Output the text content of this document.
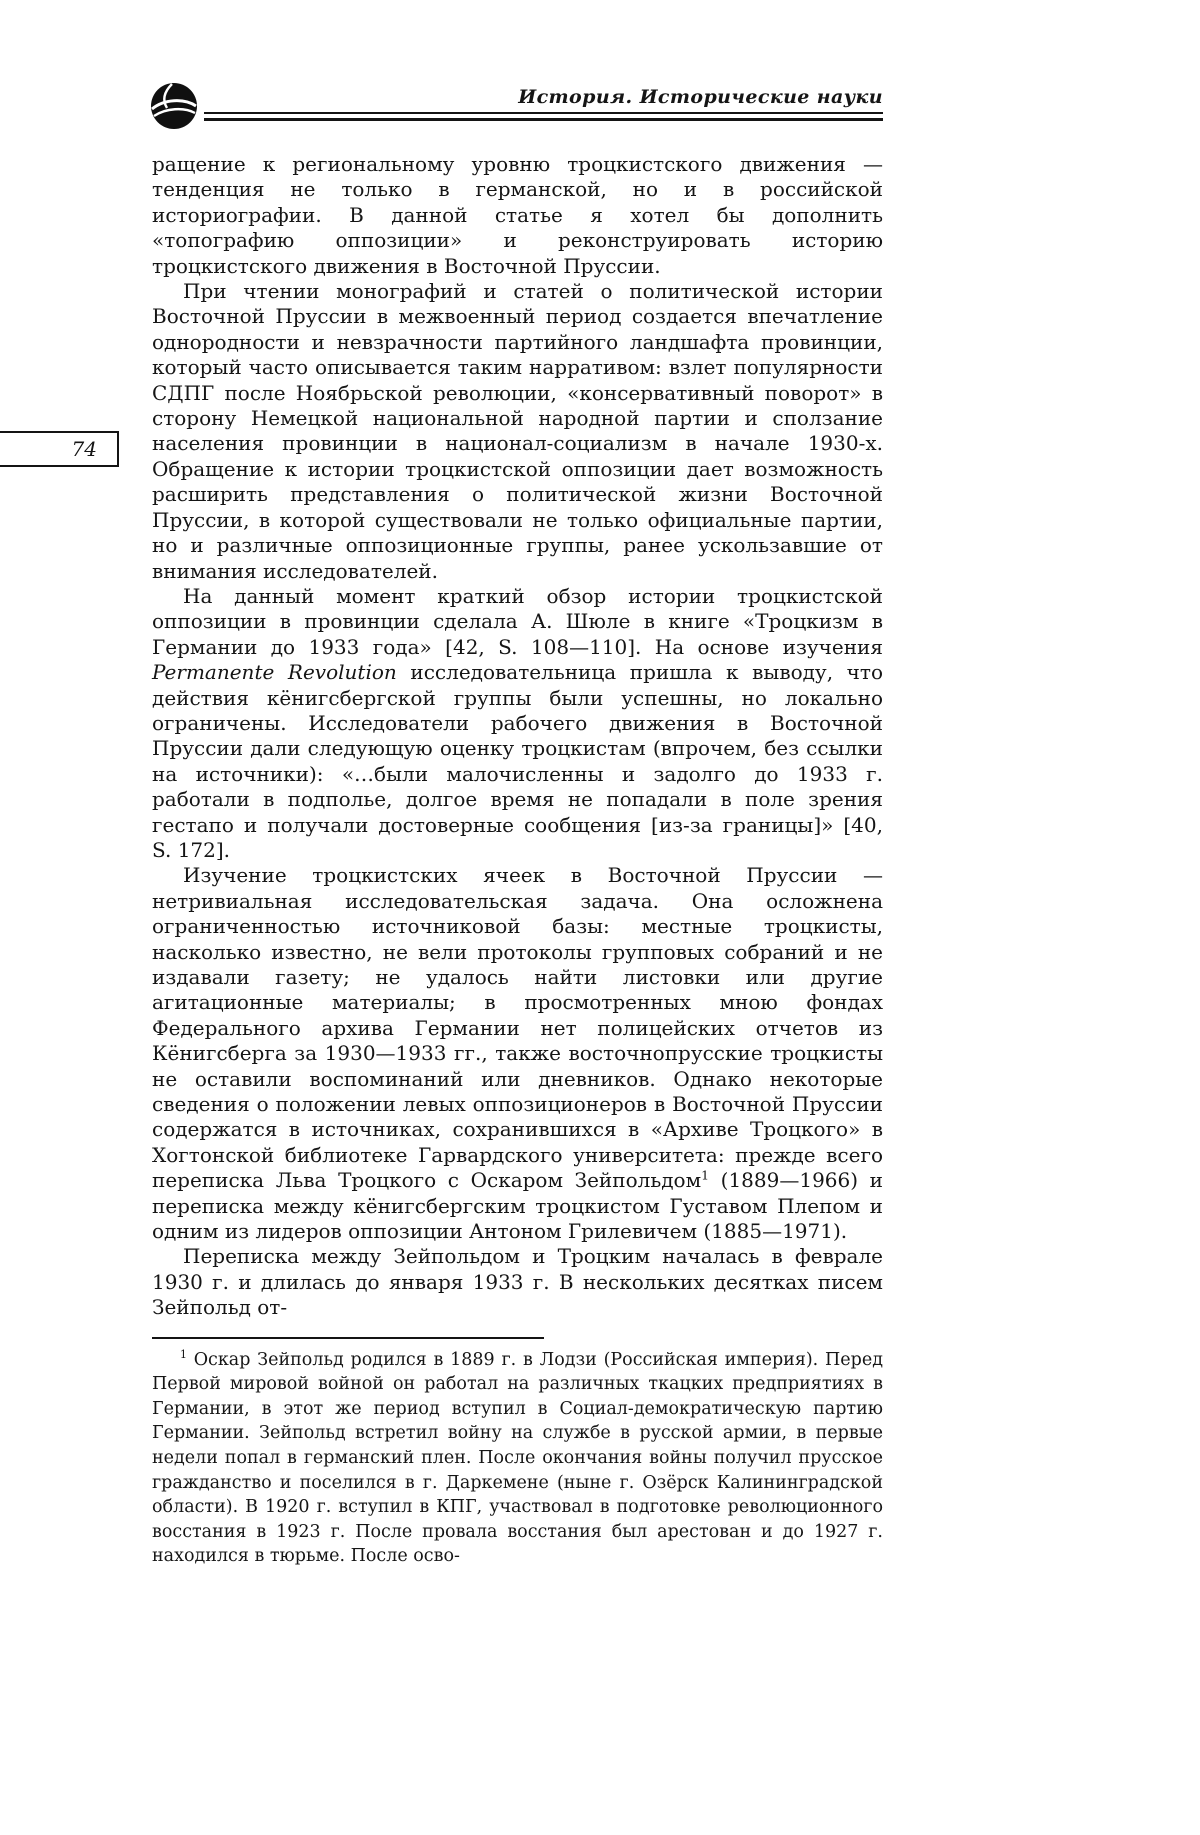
История. Исторические науки
74

ращение к региональному уровню троцкистского движения — тенденция не только в германской, но и в российской историографии. В данной статье я хотел бы дополнить «топографию оппозиции» и реконструировать историю троцкистского движения в Восточной Пруссии.

При чтении монографий и статей о политической истории Восточной Пруссии в межвоенный период создается впечатление однородности и невзрачности партийного ландшафта провинции, который часто описывается таким нарративом: взлет популярности СДПГ после Ноябрьской революции, «консервативный поворот» в сторону Немецкой национальной народной партии и сползание населения провинции в национал-социализм в начале 1930-х. Обращение к истории троцкистской оппозиции дает возможность расширить представления о политической жизни Восточной Пруссии, в которой существовали не только официальные партии, но и различные оппозиционные группы, ранее ускользавшие от внимания исследователей.

На данный момент краткий обзор истории троцкистской оппозиции в провинции сделала А. Шюле в книге «Троцкизм в Германии до 1933 года» [42, S. 108—110]. На основе изучения Permanente Revolution исследовательница пришла к выводу, что действия кёнигсбергской группы были успешны, но локально ограничены. Исследователи рабочего движения в Восточной Пруссии дали следующую оценку троцкистам (впрочем, без ссылки на источники): «…были малочисленны и задолго до 1933 г. работали в подполье, долгое время не попадали в поле зрения гестапо и получали достоверные сообщения [из-за границы]» [40, S. 172].

Изучение троцкистских ячеек в Восточной Пруссии — нетривиальная исследовательская задача. Она осложнена ограниченностью источниковой базы: местные троцкисты, насколько известно, не вели протоколы групповых собраний и не издавали газету; не удалось найти листовки или другие агитационные материалы; в просмотренных мною фондах Федерального архива Германии нет полицейских отчетов из Кёнигсберга за 1930—1933 гг., также восточнопрусские троцкисты не оставили воспоминаний или дневников. Однако некоторые сведения о положении левых оппозиционеров в Восточной Пруссии содержатся в источниках, сохранившихся в «Архиве Троцкого» в Хогтонской библиотеке Гарвардского университета: прежде всего переписка Льва Троцкого с Оскаром Зейпольдом$^1$ (1889—1966) и переписка между кёнигсбергским троцкистом Густавом Плепом и одним из лидеров оппозиции Антоном Грилевичем (1885—1971).

Переписка между Зейпольдом и Троцким началась в феврале 1930 г. и длилась до января 1933 г. В нескольких десятках писем Зейпольд от-

$^1$ Оскар Зейпольд родился в 1889 г. в Лодзи (Российская империя). Перед Первой мировой войной он работал на различных ткацких предприятиях в Германии, в этот же период вступил в Социал-демократическую партию Германии. Зейпольд встретил войну на службе в русской армии, в первые недели попал в германский плен. После окончания войны получил прусское гражданство и поселился в г. Даркемене (ныне г. Озёрск Калининградской области). В 1920 г. вступил в КПГ, участвовал в подготовке революционного восстания в 1923 г. После провала восстания был арестован и до 1927 г. находился в тюрьме. После осво-
